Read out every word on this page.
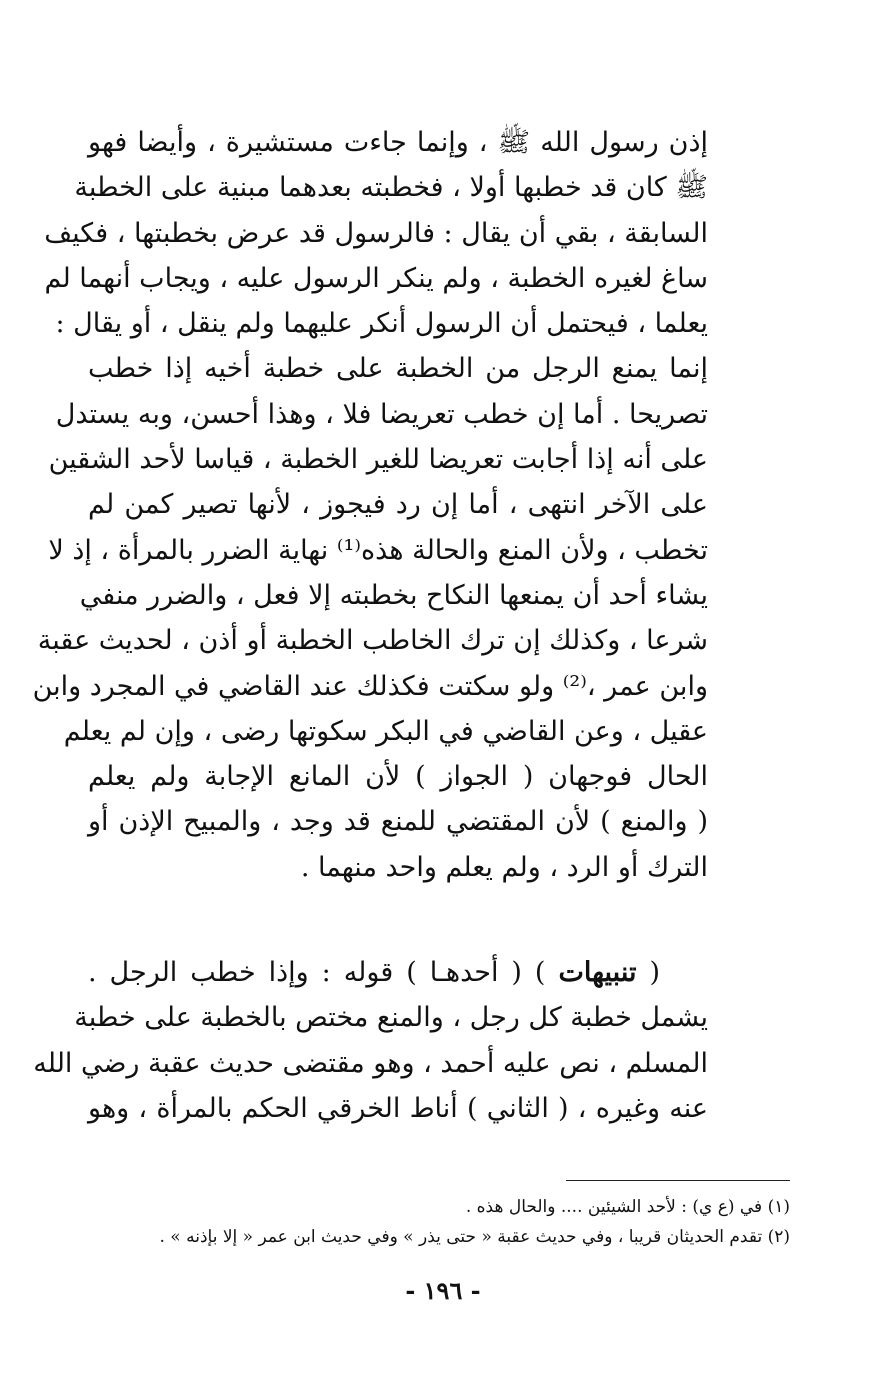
إذن رسول الله ﷺ ، وإنما جاءت مستشيرة ، وأيضا فهو
ﷺ كان قد خطبها أولا ، فخطبته بعدهما مبنية على الخطبة
السابقة ، بقي أن يقال : فالرسول قد عرض بخطبتها ، فكيف
ساغ لغيره الخطبة ، ولم ينكر الرسول عليه ، ويجاب أنهما لم
يعلما ، فيحتمل أن الرسول أنكر عليهما ولم ينقل ، أو يقال :
إنما يمنع الرجل من الخطبة على خطبة أخيه إذا خطب
تصريحا . أما إن خطب تعريضا فلا ، وهذا أحسن، وبه يستدل
على أنه إذا أجابت تعريضا للغير الخطبة ، قياسا لأحد الشقين
على الآخر انتهى ، أما إن رد فيجوز ، لأنها تصير كمن لم
تخطب ، ولأن المنع والحالة هذه⁽¹⁾ نهاية الضرر بالمرأة ، إذ لا
يشاء أحد أن يمنعها النكاح بخطبته إلا فعل ، والضرر منفي
شرعا ، وكذلك إن ترك الخاطب الخطبة أو أذن ، لحديث عقبة
وابن عمر ،⁽²⁾ ولو سكتت فكذلك عند القاضي في المجرد وابن
عقيل ، وعن القاضي في البكر سكوتها رضى ، وإن لم يعلم
الحال فوجهان ( الجواز ) لأن المانع الإجابة ولم يعلم
( والمنع ) لأن المقتضي للمنع قد وجد ، والمبيح الإذن أو
الترك أو الرد ، ولم يعلم واحد منهما .
( تنبيهات ) ( أحدهـا ) قوله : وإذا خطب الرجل .
يشمل خطبة كل رجل ، والمنع مختص بالخطبة على خطبة
المسلم ، نص عليه أحمد ، وهو مقتضى حديث عقبة رضي الله
عنه وغيره ، ( الثاني ) أناط الخرقي الحكم بالمرأة ، وهو
(١) في (ع ي) : لأحد الشيئين .... والحال هذه .
(٢) تقدم الحديثان قريبا ، وفي حديث عقبة « حتى يذر » وفي حديث ابن عمر « إلا بإذنه » .
- ١٩٦ -
